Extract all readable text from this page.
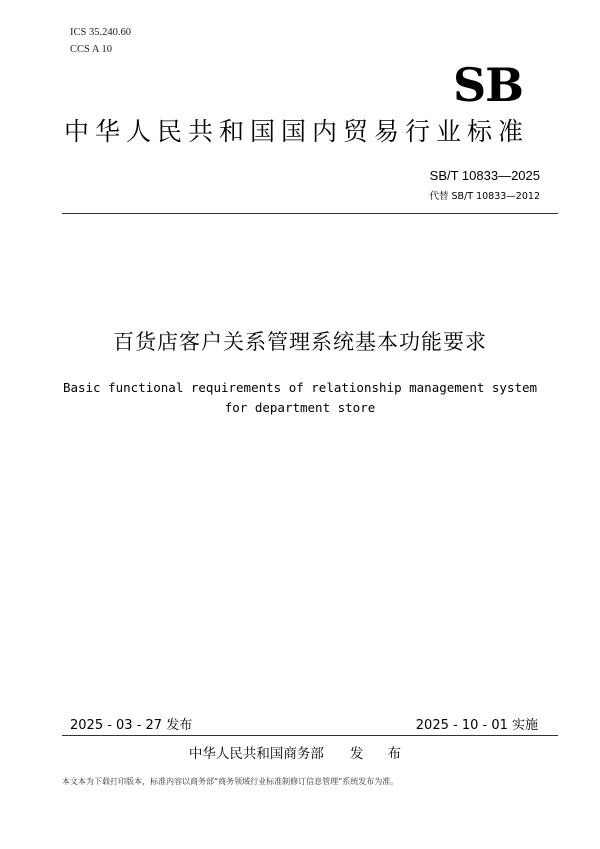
ICS 35.240.60
CCS A 10
SB
中华人民共和国国内贸易行业标准
SB/T 10833—2025
代替 SB/T 10833—2012
百货店客户关系管理系统基本功能要求
Basic functional requirements of relationship management system for department store
2025 - 03 - 27 发布	2025 - 10 - 01 实施
中华人民共和国商务部 发 布
本文本为下载打印版本，标准内容以商务部“商务领域行业标准制修订信息管理”系统发布为准。
